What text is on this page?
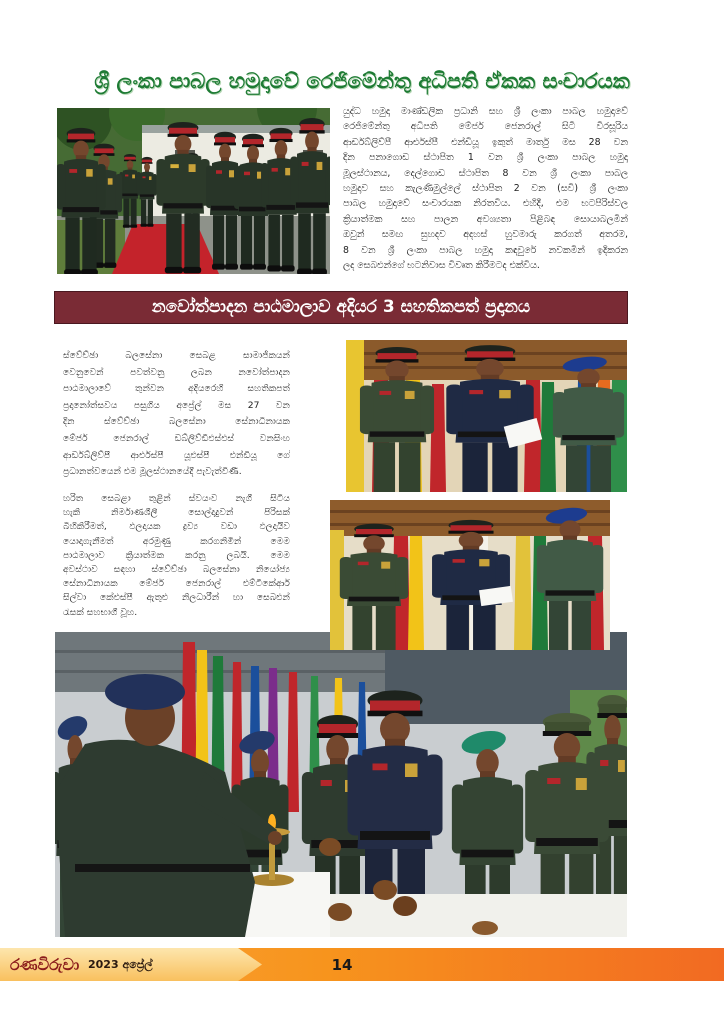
ශ්‍රී ලංකා පාබල හමුදාවේ රෙජිමේන්තු අධිපති ඒකක සංචාරයක
යුද්ධ හමුදා මාණ්ඩලික ප්‍රධානි සහ ශ්‍රී ලංකා පාබල හමුදාවේ
රෙජිමේන්තු අධිපති මේජර් ජෙනරාල් සිටී වීරසූරිය
ආර්ඩබ්ලිව්පී ආර්එස්පී එන්ඩියූ ඉකුත් මාර්තු මස 28 වන
දින පනාගොඩ ස්ථාපිත 1 වන ශ්‍රී ලංකා පාබල හමුදා
මූලස්ථානය, දෙල්ගොඩ ස්ථාපිත 8 වන ශ්‍රී ලංකා පාබල
හමුදාව සහ කැලණිමුල්ලේ ස්ථාපිත 2 වන (සවි) ශ්‍රී ලංකා
පාබල හමුදාවේ සංචාරයක නිරතවිය. එහිදී, එම භටපිරිස්වල
ක්‍රියාත්මක සහ පාලන අවශ්‍යතා පිළිබඳ සොයාබලමින්
ඔවුන් සමඟ සුහදව අදහස් හුවමාරු කරගත් අතරම,
8 වන ශ්‍රී ලංකා පාබල හමුදා කඳවුරේ නවකමින් ඉදිකරන
ලද සෙබළුන්ගේ භටනිවාස විවෘත කිරීමටද එක්විය.
නවෝත්පාදන පාඨමාලාව අදියර 3 සහතිකපත් ප්‍රදානය
ස්වේච්ඡා බලසේනා සෙබළ සාමාජිකයන්
වෙනුවෙන් පවත්වනු ලබන නවෝත්පාදන
පාඨමාලාවේ තුන්වන අදියරෙහි සහතිකපත්
ප්‍රදානෝත්සවය පසුගිය අප්‍රේල් මස 27 වන
දින ස්වේච්ඡා බලසේනා සේනාධිනායක
මේජර් ජෙනරාල් ඩබ්ලිව්ඩීඑස්එස් වනසිංහ
ආර්ඩබ්ලිව්පී ආර්එස්පී යූඑස්පී එන්ඩියූ ගේ
ප්‍රධානත්වයෙන් එම මූලස්ථානයේදී පැවැත්විණි.
හරිත සෙබළා තුළින් ස්වයංව නැගී සිටිය
හැකි නිර්මාණශීලී සොල්දාදුවන් පිරිසක්
බිහිකිරීමත්, ඵලදායක ද්‍රව්‍ය වඩා ඵලදායිව
යොදාගැනීමත් අරමුණු කරගනිමින් මෙම
පාඨමාලාව ක්‍රියාත්මක කරනු ලබයි. මෙම
අවස්ථාව සඳහා ස්වේච්ඡා බලසේනා නියෝජ්‍ය
සේනාධිනායක මේජර් ජෙනරාල් එම්ටීකේආර්
සිල්වා කේඑස්පී ඇතුළු නිලධාරීන් හා සෙබළුන්
රැසක් සහභාගී වූහ.
රණවිරුවා 2023 අප්‍රේල්	14
